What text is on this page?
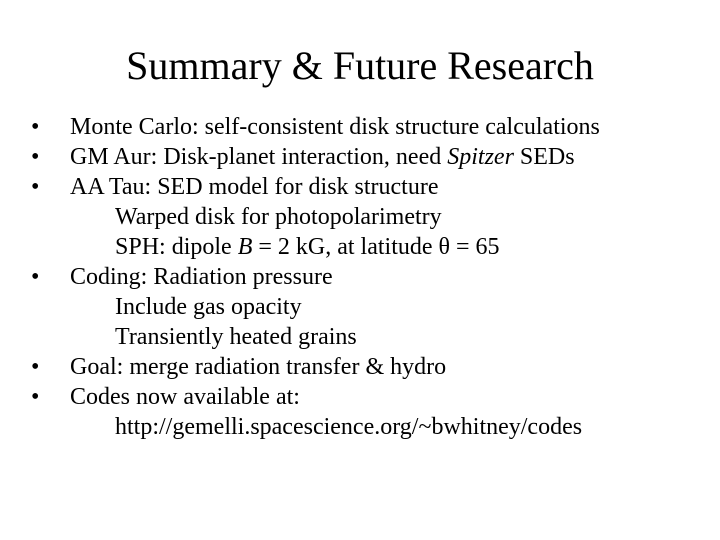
Summary & Future Research
•	Monte Carlo: self-consistent disk structure calculations
•	GM Aur: Disk-planet interaction, need Spitzer SEDs
•	AA Tau: SED model for disk structure
Warped disk for photopolarimetry
SPH: dipole B = 2 kG, at latitude θ = 65
•	Coding: Radiation pressure
Include gas opacity
Transiently heated grains
•	Goal: merge radiation transfer & hydro
•	Codes now available at:
http://gemelli.spacescience.org/~bwhitney/codes
